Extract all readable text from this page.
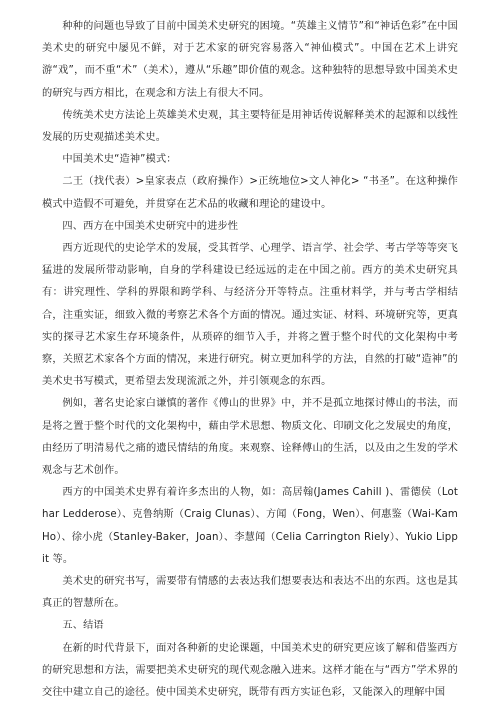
种种的问题也导致了目前中国美术史研究的困境。“英雄主义情节”和“神话色彩”在中国美术史的研究中屡见不鲜，对于艺术家的研究容易落入“神仙模式”。中国在艺术上讲究游“戏”，而不重“术”（美术），遵从“乐趣”即价值的观念。这种独特的思想导致中国美术史的研究与西方相比，在观念和方法上有很大不同。

传统美术史方法论上英雄美术史观，其主要特征是用神话传说解释美术的起源和以线性发展的历史观描述美术史。

中国美术史“造神”模式：

二王（找代表）>皇家表点（政府操作）>正统地位>文人神化> “书圣”。在这种操作模式中造假不可避免，并贯穿在艺术品的收藏和理论的建设中。

四、西方在中国美术史研究中的进步性

西方近现代的史论学术的发展，受其哲学、心理学、语言学、社会学、考古学等等突飞猛进的发展所带动影响，自身的学科建设已经远远的走在中国之前。西方的美术史研究具有：讲究理性、学科的界限和跨学科、与经济分开等特点。注重材料学，并与考古学相结合，注重实证，细致入微的考察艺术各个方面的情况。通过实证、材料、环境研究等，更真实的探寻艺术家生存环境条件，从琐碎的细节入手，并将之置于整个时代的文化架构中考察，关照艺术家各个方面的情况，来进行研究。树立更加科学的方法，自然的打破“造神”的美术史书写模式，更希望去发现流派之外，并引领观念的东西。

例如，著名史论家白谦慎的著作《傅山的世界》中，并不是孤立地探讨傅山的书法，而是将之置于整个时代的文化架构中，藉由学术思想、物质文化、印刷文化之发展史的角度，由经历了明清易代之痛的遗民情结的角度。来观察、诠释傅山的生活，以及由之生发的学术观念与艺术创作。

西方的中国美术史界有着许多杰出的人物，如：高居翰(James Cahill )、雷德侯（Lothar Ledderose）、克鲁纳斯（Craig Clunas）、方闻（Fong，Wen）、何惠鉴（Wai-Kam Ho）、徐小虎（Stanley-Baker，Joan）、李慧闻（Celia Carrington Riely）、Yukio Lippit 等。

美术史的研究书写，需要带有情感的去表达我们想要表达和表达不出的东西。这也是其真正的智慧所在。

五、结语

在新的时代背景下，面对各种新的史论课题，中国美术史的研究更应该了解和借鉴西方的研究思想和方法，需要把美术史研究的现代观念融入进来。这样才能在与“西方”学术界的交往中建立自己的途径。使中国美术史研究，既带有西方实证色彩，又能深入的理解中国
